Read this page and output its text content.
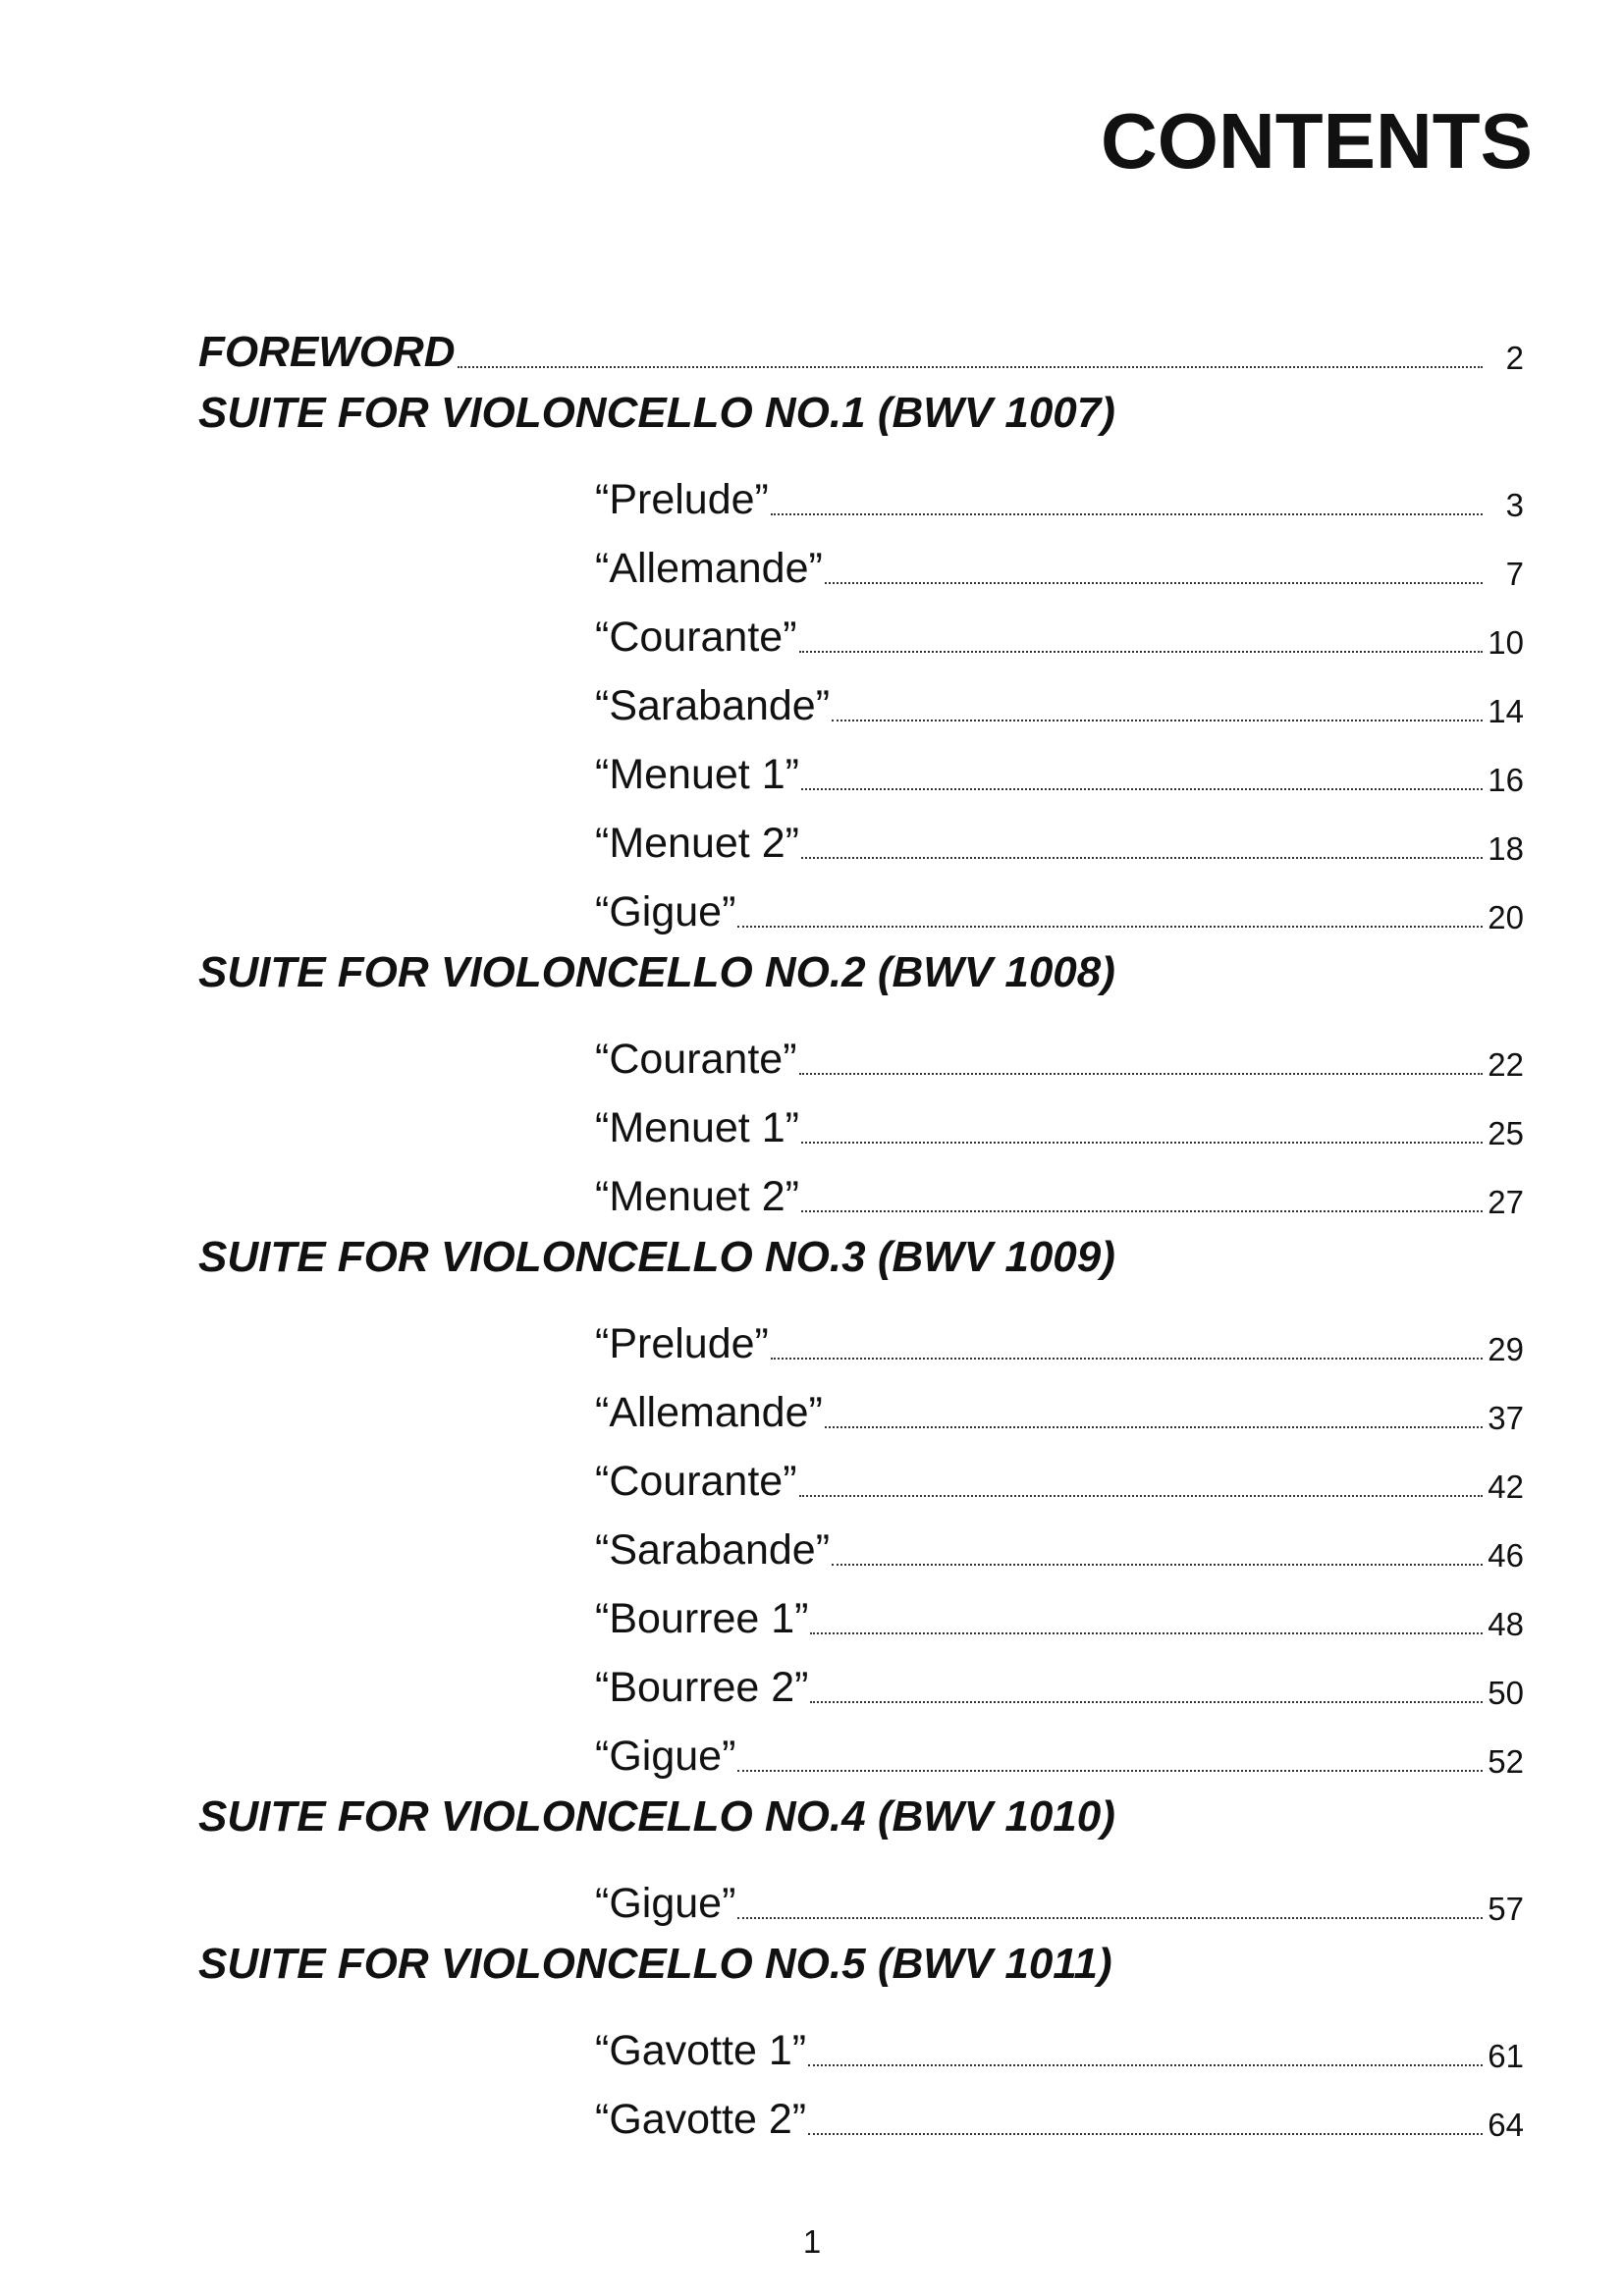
CONTENTS
FOREWORD	2
SUITE FOR VIOLONCELLO NO.1 (BWV 1007)
“Prelude”	3
“Allemande”	7
“Courante”	10
“Sarabande”	14
“Menuet 1”	16
“Menuet 2”	18
“Gigue”	20
SUITE FOR VIOLONCELLO NO.2 (BWV 1008)
“Courante”	22
“Menuet 1”	25
“Menuet 2”	27
SUITE FOR VIOLONCELLO NO.3 (BWV 1009)
“Prelude”	29
“Allemande”	37
“Courante”	42
“Sarabande”	46
“Bourree 1”	48
“Bourree 2”	50
“Gigue”	52
SUITE FOR VIOLONCELLO NO.4 (BWV 1010)
“Gigue”	57
SUITE FOR VIOLONCELLO NO.5 (BWV 1011)
“Gavotte 1”	61
“Gavotte 2”	64

1
